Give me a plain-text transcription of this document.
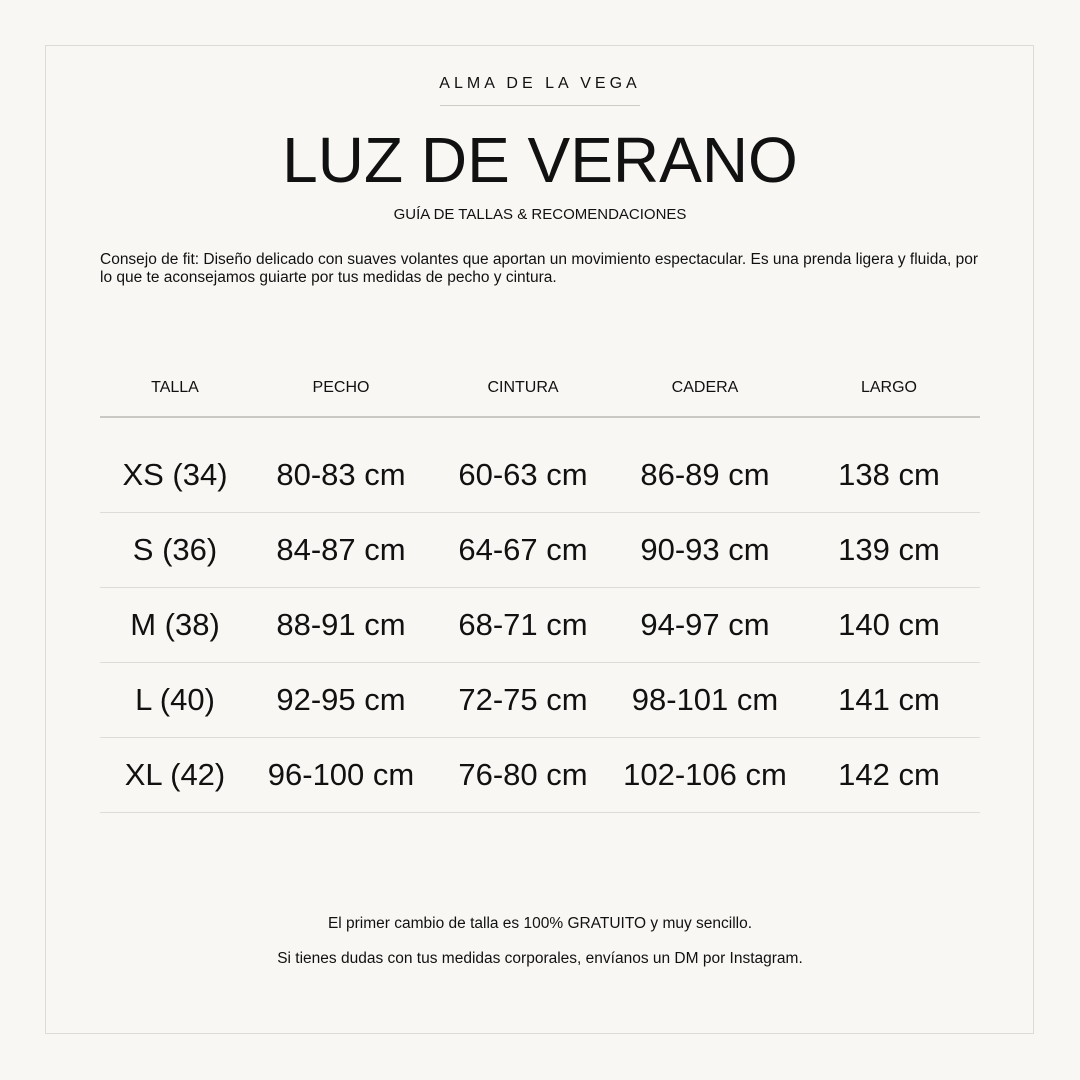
ALMA DE LA VEGA
LUZ DE VERANO
GUÍA DE TALLAS & RECOMENDACIONES
Consejo de fit: Diseño delicado con suaves volantes que aportan un movimiento espectacular. Es una prenda ligera y fluida, por lo que te aconsejamos guiarte por tus medidas de pecho y cintura.
TALLA	PECHO	CINTURA	CADERA	LARGO
XS (34)	80-83 cm	60-63 cm	86-89 cm	138 cm
S (36)	84-87 cm	64-67 cm	90-93 cm	139 cm
M (38)	88-91 cm	68-71 cm	94-97 cm	140 cm
L (40)	92-95 cm	72-75 cm	98-101 cm	141 cm
XL (42)	96-100 cm	76-80 cm	102-106 cm	142 cm
El primer cambio de talla es 100% GRATUITO y muy sencillo.
Si tienes dudas con tus medidas corporales, envíanos un DM por Instagram.
